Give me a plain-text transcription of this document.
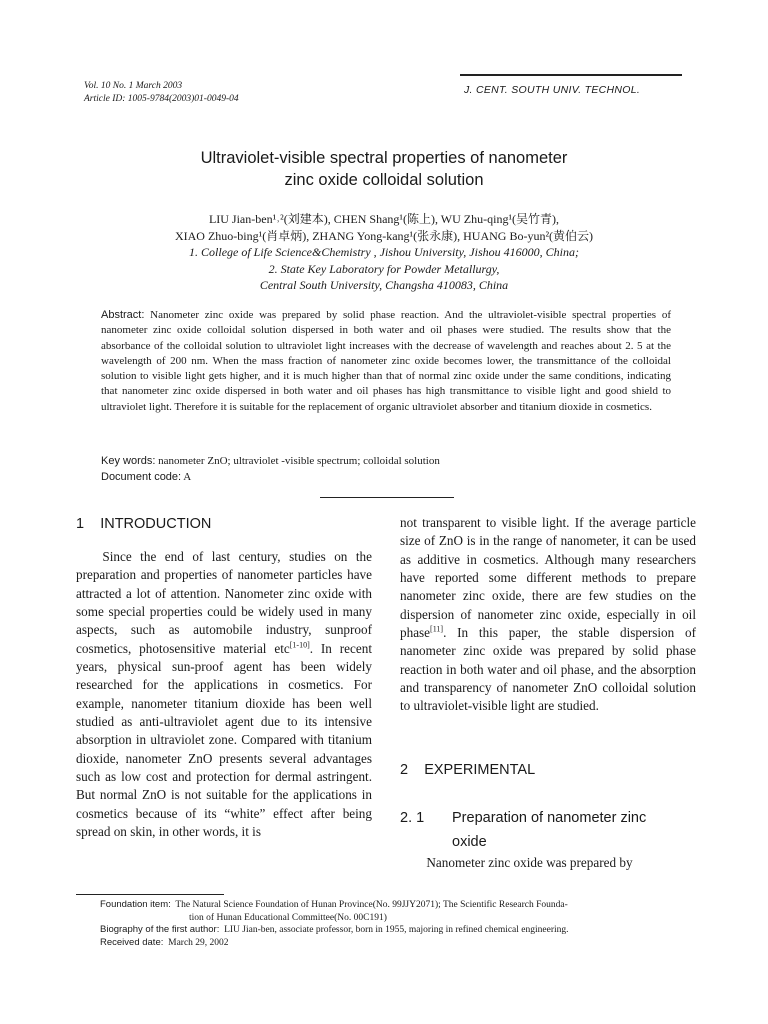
Vol. 10 No. 1 March 2003
Article ID: 1005-9784(2003)01-0049-04
J. CENT. SOUTH UNIV. TECHNOL.
Ultraviolet-visible spectral properties of nanometer
zinc oxide colloidal solution
LIU Jian-ben¹˒²(刘建本), CHEN Shang¹(陈上), WU Zhu-qing¹(吴竹青),
XIAO Zhuo-bing¹(肖卓炳), ZHANG Yong-kang¹(张永康), HUANG Bo-yun²(黄伯云)
1. College of Life Science&Chemistry , Jishou University, Jishou 416000, China;
2. State Key Laboratory for Powder Metallurgy,
Central South University, Changsha 410083, China
Abstract: Nanometer zinc oxide was prepared by solid phase reaction. And the ultraviolet-visible spectral properties of nanometer zinc oxide colloidal solution dispersed in both water and oil phases were studied. The results show that the absorbance of the colloidal solution to ultraviolet light increases with the decrease of wavelength and reaches about 2. 5 at the wavelength of 200 nm. When the mass fraction of nanometer zinc oxide becomes lower, the transmittance of the colloidal solution to visible light gets higher, and it is much higher than that of normal zinc oxide under the same conditions, indicating that nanometer zinc oxide dispersed in both water and oil phases has high transmittance to visible light and good shield to ultraviolet light. Therefore it is suitable for the replacement of organic ultraviolet absorber and titanium dioxide in cosmetics.
Key words: nanometer ZnO; ultraviolet -visible spectrum; colloidal solution
Document code: A
1 INTRODUCTION

Since the end of last century, studies on the preparation and properties of nanometer particles have attracted a lot of attention. Nanometer zinc oxide with some special properties could be widely used in many aspects, such as automobile industry, sunproof cosmetics, photosensitive material etc[1-10]. In recent years, physical sun-proof agent has been widely researched for the applications in cosmetics. For example, nanometer titanium dioxide has been well studied as anti-ultraviolet agent due to its intensive absorption in ultraviolet zone. Compared with titanium dioxide, nanometer ZnO presents several advantages such as low cost and protection for dermal astringent. But normal ZnO is not suitable for the applications in cosmetics because of its “white” effect after being spread on skin, in other words, it is

not transparent to visible light. If the average particle size of ZnO is in the range of nanometer, it can be used as additive in cosmetics. Although many researchers have reported some different methods to prepare nanometer zinc oxide, there are few studies on the dispersion of nanometer zinc oxide, especially in oil phase[11]. In this paper, the stable dispersion of nanometer zinc oxide was prepared by solid phase reaction in both water and oil phase, and the absorption and transparency of nanometer ZnO colloidal solution to ultraviolet-visible light are studied.

2 EXPERIMENTAL
2. 1 Preparation of nanometer zinc
oxide

Nanometer zinc oxide was prepared by

Foundation item: The Natural Science Foundation of Hunan Province(No. 99JJY2071); The Scientific Research Founda-
tion of Hunan Educational Committee(No. 00C191)
Biography of the first author: LIU Jian-ben, associate professor, born in 1955, majoring in refined chemical engineering.
Received date: March 29, 2002
